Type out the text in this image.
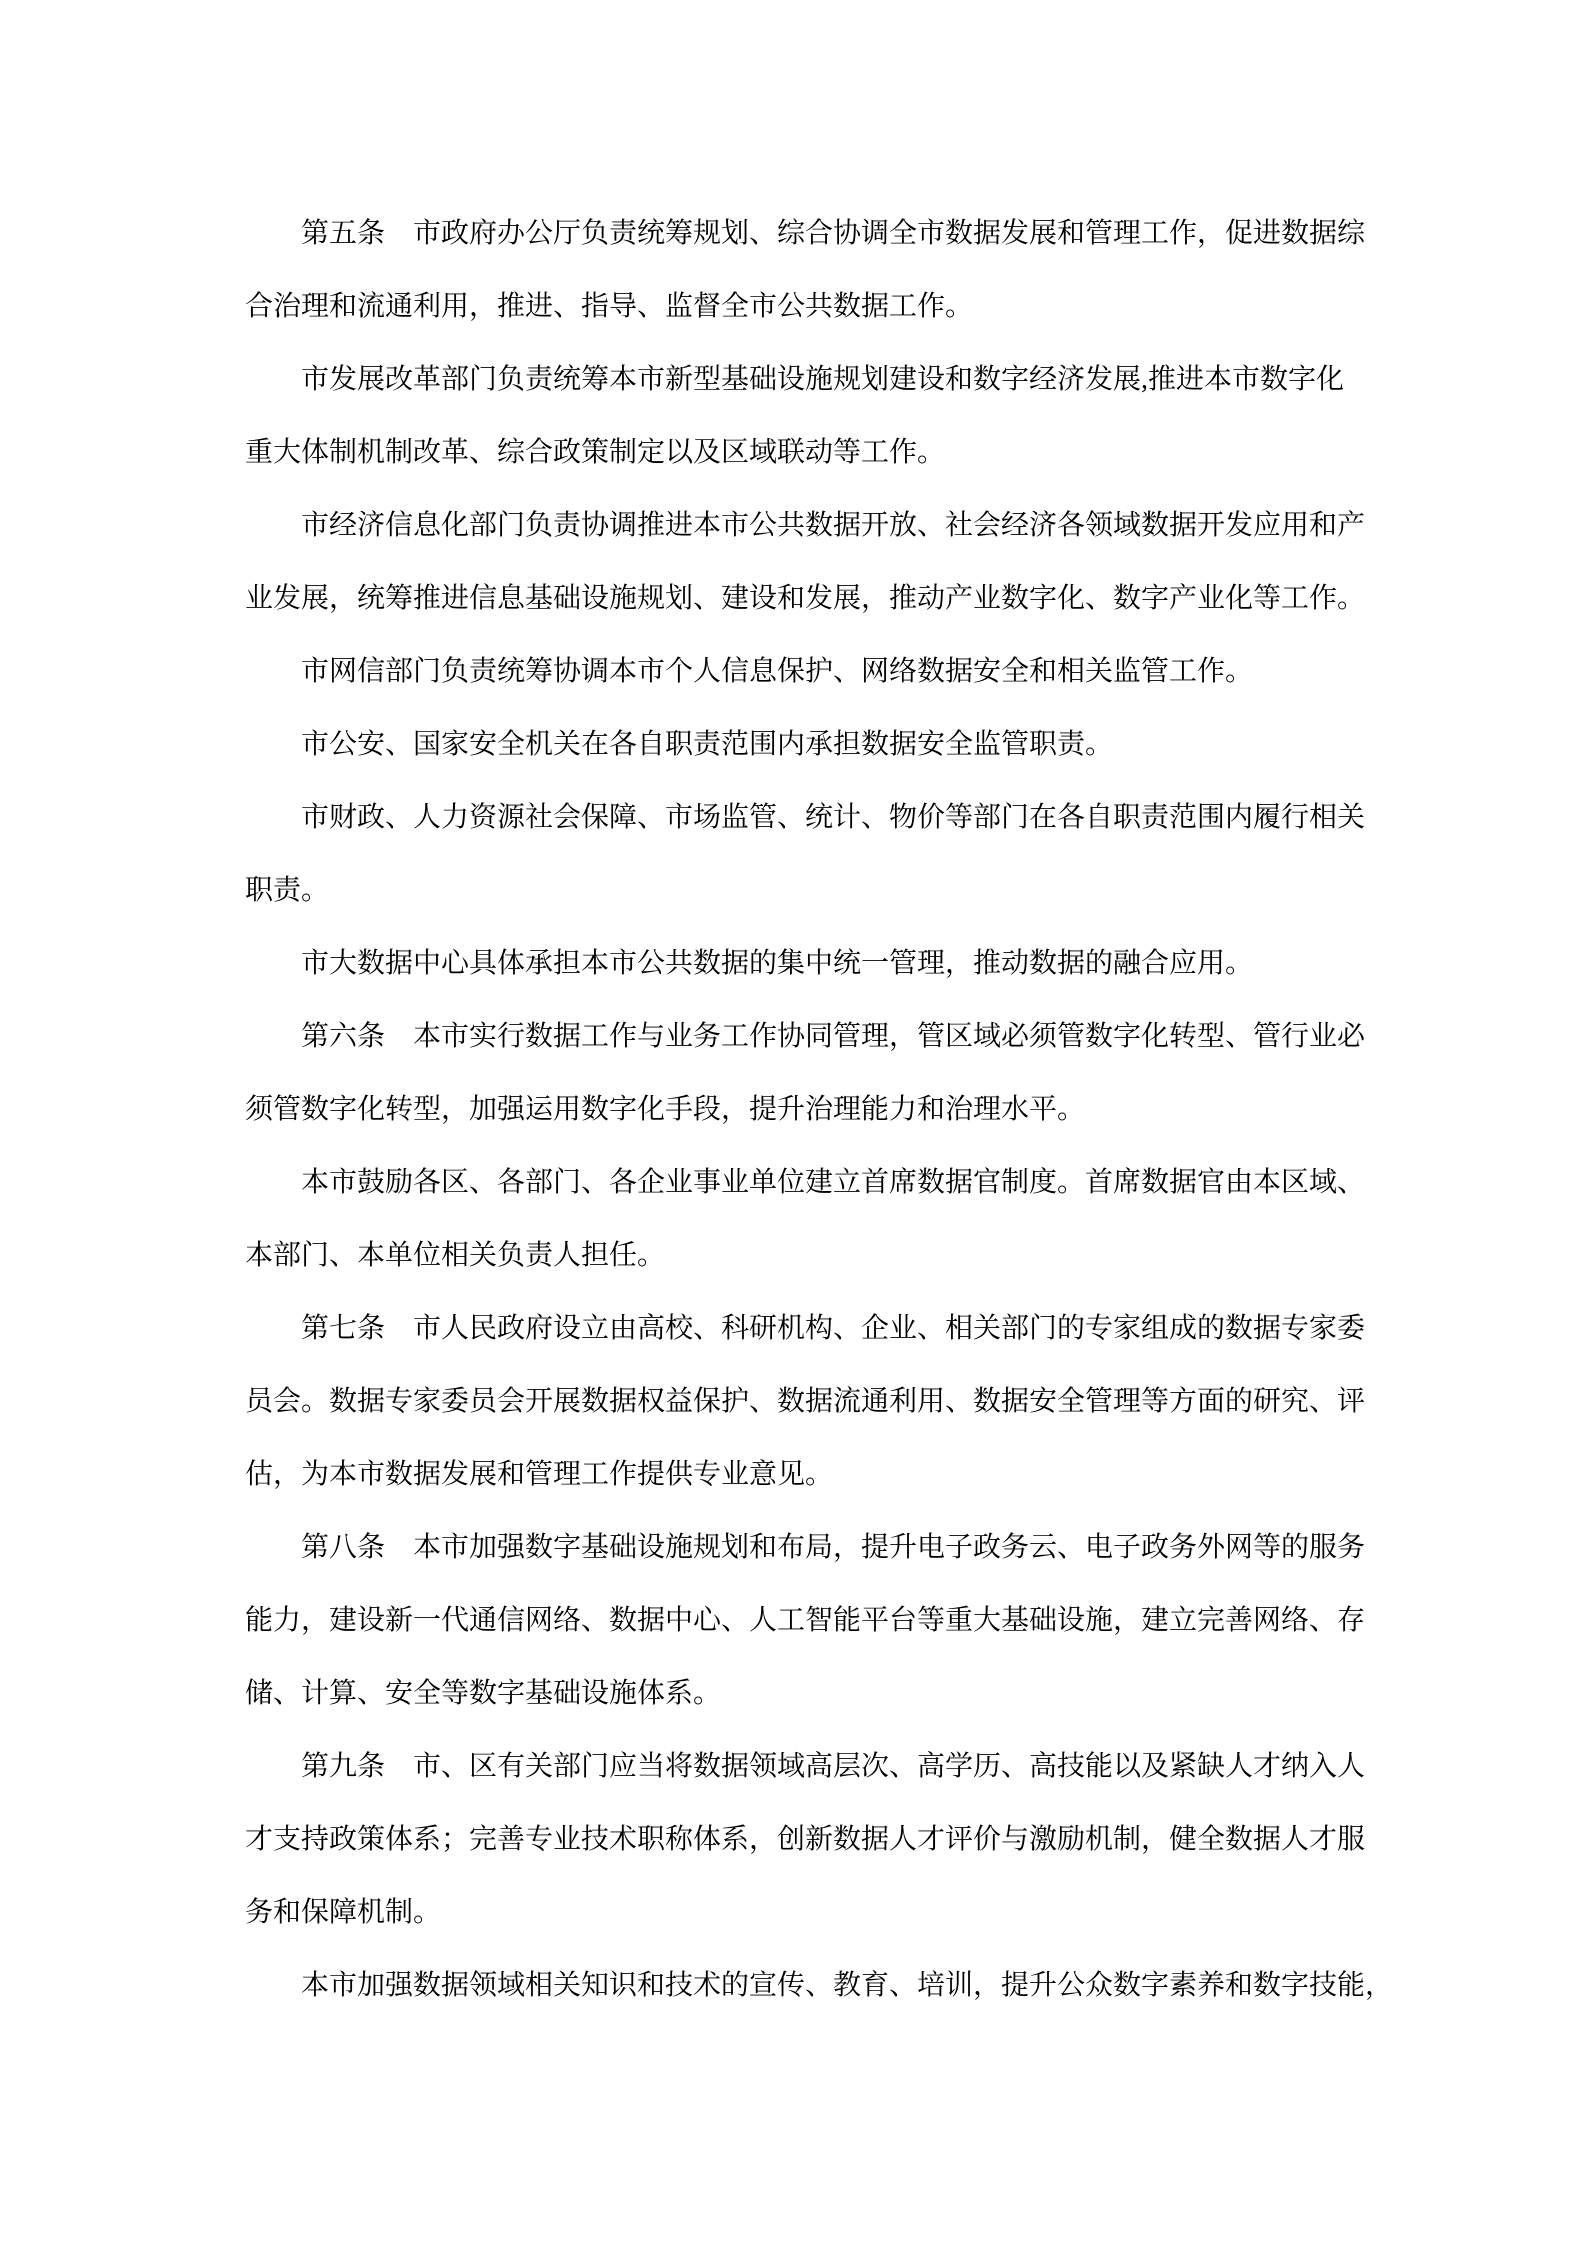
第五条　市政府办公厅负责统筹规划、综合协调全市数据发展和管理工作，促进数据综
合治理和流通利用，推进、指导、监督全市公共数据工作。
市发展改革部门负责统筹本市新型基础设施规划建设和数字经济发展,推进本市数字化
重大体制机制改革、综合政策制定以及区域联动等工作。
市经济信息化部门负责协调推进本市公共数据开放、社会经济各领域数据开发应用和产
业发展，统筹推进信息基础设施规划、建设和发展，推动产业数字化、数字产业化等工作。
市网信部门负责统筹协调本市个人信息保护、网络数据安全和相关监管工作。
市公安、国家安全机关在各自职责范围内承担数据安全监管职责。
市财政、人力资源社会保障、市场监管、统计、物价等部门在各自职责范围内履行相关
职责。
市大数据中心具体承担本市公共数据的集中统一管理，推动数据的融合应用。
第六条　本市实行数据工作与业务工作协同管理，管区域必须管数字化转型、管行业必
须管数字化转型，加强运用数字化手段，提升治理能力和治理水平。
本市鼓励各区、各部门、各企业事业单位建立首席数据官制度。首席数据官由本区域、
本部门、本单位相关负责人担任。
第七条　市人民政府设立由高校、科研机构、企业、相关部门的专家组成的数据专家委
员会。数据专家委员会开展数据权益保护、数据流通利用、数据安全管理等方面的研究、评
估，为本市数据发展和管理工作提供专业意见。
第八条　本市加强数字基础设施规划和布局，提升电子政务云、电子政务外网等的服务
能力，建设新一代通信网络、数据中心、人工智能平台等重大基础设施，建立完善网络、存
储、计算、安全等数字基础设施体系。
第九条　市、区有关部门应当将数据领域高层次、高学历、高技能以及紧缺人才纳入人
才支持政策体系；完善专业技术职称体系，创新数据人才评价与激励机制，健全数据人才服
务和保障机制。
本市加强数据领域相关知识和技术的宣传、教育、培训，提升公众数字素养和数字技能，
